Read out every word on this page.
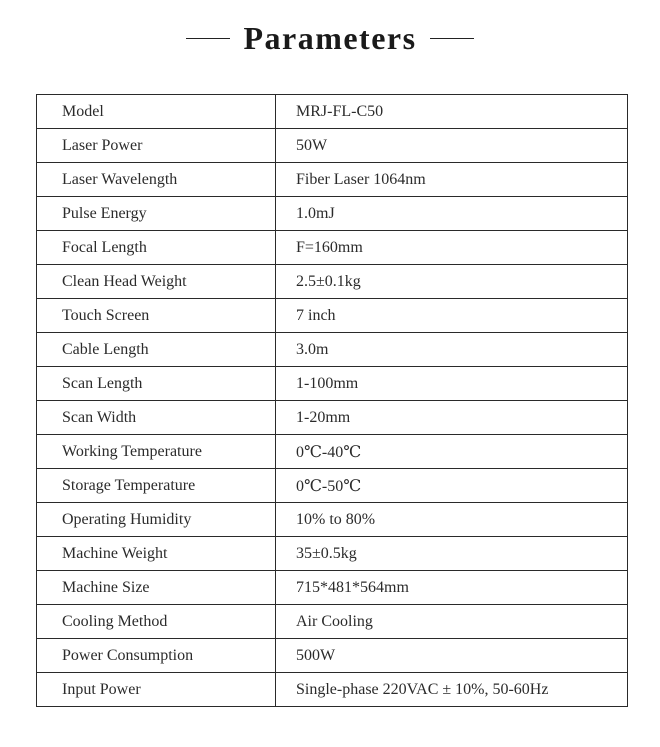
Parameters
Model	MRJ-FL-C50
Laser Power	50W
Laser Wavelength	Fiber Laser 1064nm
Pulse Energy	1.0mJ
Focal Length	F=160mm
Clean Head Weight	2.5±0.1kg
Touch Screen	7 inch
Cable Length	3.0m
Scan Length	1-100mm
Scan Width	1-20mm
Working Temperature	0℃-40℃
Storage Temperature	0℃-50℃
Operating Humidity	10% to 80%
Machine Weight	35±0.5kg
Machine Size	715*481*564mm
Cooling Method	Air Cooling
Power Consumption	500W
Input Power	Single-phase 220VAC ± 10%, 50-60Hz
